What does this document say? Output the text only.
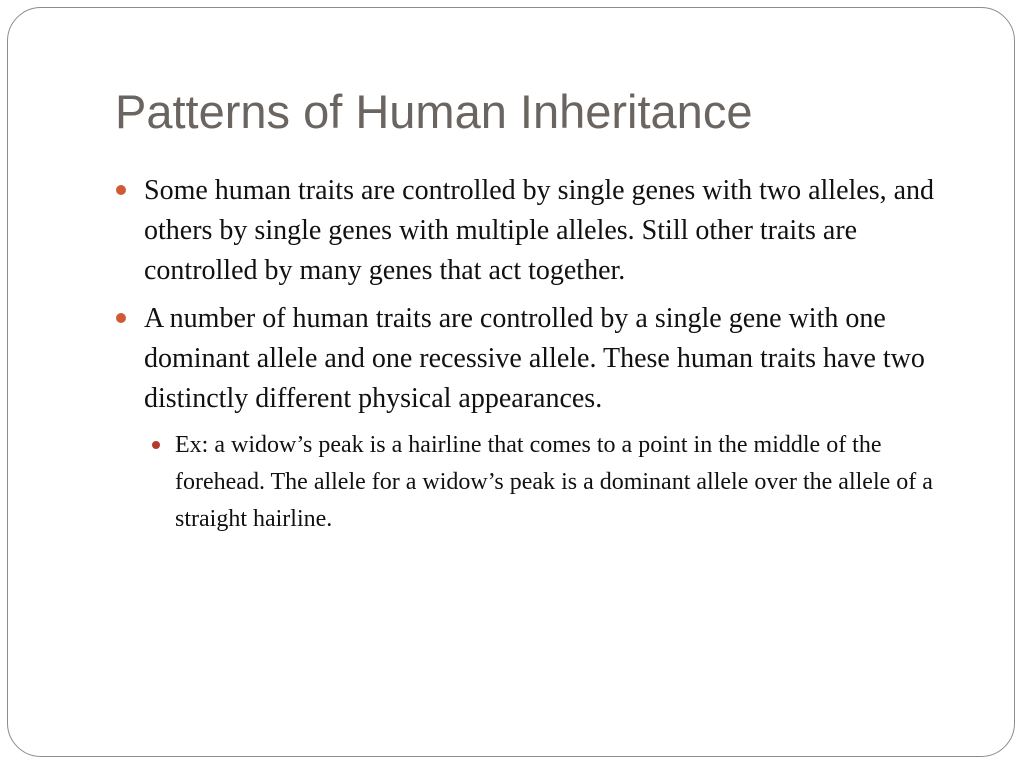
Patterns of Human Inheritance
Some human traits are controlled by single genes with two alleles, and others by single genes with multiple alleles. Still other traits are controlled by many genes that act together.
A number of human traits are controlled by a single gene with one dominant allele and one recessive allele. These human traits have two distinctly different physical appearances.
Ex: a widow’s peak is a hairline that comes to a point in the middle of the forehead. The allele for a widow’s peak is a dominant allele over the allele of a straight hairline.
